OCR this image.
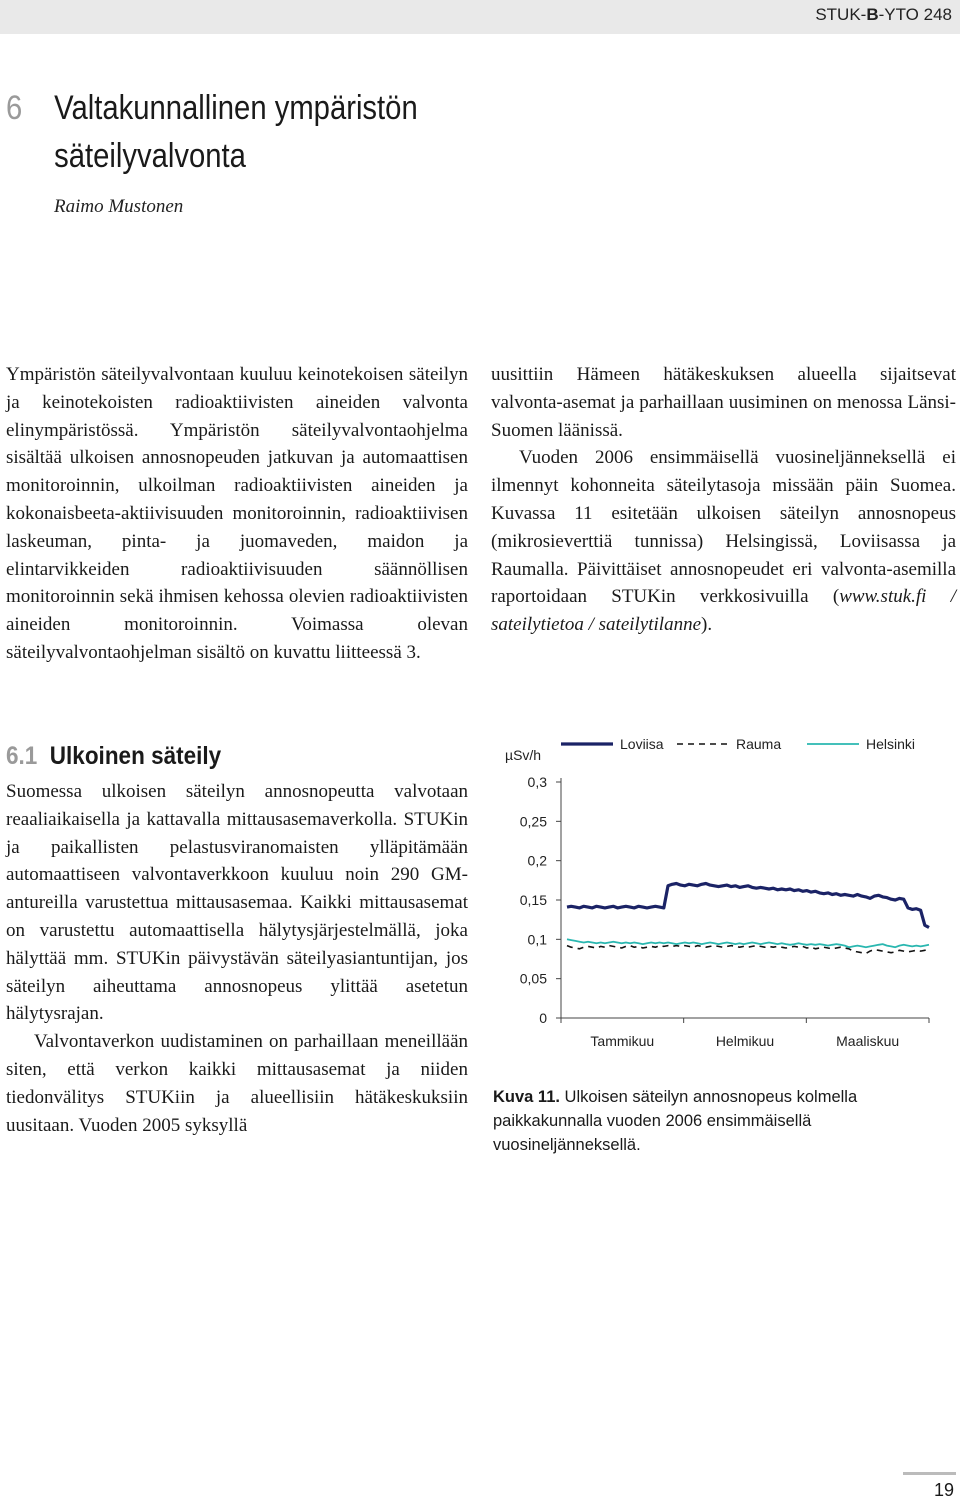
STUK-B-YTO 248
6 Valtakunnallinen ympäristön
säteilyvalvonta
Raimo Mustonen

Ympäristön säteilyvalvontaan kuuluu keinotekoisen säteilyn ja keinotekoisten radioaktiivisten aineiden valvonta elinympäristössä. Ympäristön säteilyvalvontaohjelma sisältää ulkoisen annosnopeuden jatkuvan ja automaattisen monitoroinnin, ulkoilman radioaktiivisten aineiden ja kokonaisbeeta-aktiivisuuden monitoroinnin, radioaktiivisen laskeuman, pinta- ja juomaveden, maidon ja elintarvikkeiden radioaktiivisuuden säännöllisen monitoroinnin sekä ihmisen kehossa olevien radioaktiivisten aineiden monitoroinnin. Voimassa olevan säteilyvalvontaohjelman sisältö on kuvattu liitteessä 3.

6.1 Ulkoinen säteily

Suomessa ulkoisen säteilyn annosnopeutta valvotaan reaaliaikaisella ja kattavalla mittausasemaverkolla. STUKin ja paikallisten pelastusviranomaisten ylläpitämään automaattiseen valvontaverkkoon kuuluu noin 290 GM-antureilla varustettua mittausasemaa. Kaikki mittausasemat on varustettu automaattisella hälytysjärjestelmällä, joka hälyttää mm. STUKin päivystävän säteilyasiantuntijan, jos säteilyn aiheuttama annosnopeus ylittää asetetun hälytysrajan.

Valvontaverkon uudistaminen on parhaillaan meneillään siten, että verkon kaikki mittausasemat ja niiden tiedonvälitys STUKiin ja alueellisiin hätäkeskuksiin uusitaan. Vuoden 2005 syksyllä

uusittiin Hämeen hätäkeskuksen alueella sijaitsevat valvonta-asemat ja parhaillaan uusiminen on menossa Länsi-Suomen läänissä.

Vuoden 2006 ensimmäisellä vuosineljänneksellä ei ilmennyt kohonneita säteilytasoja missään päin Suomea. Kuvassa 11 esitetään ulkoisen säteilyn annosnopeus (mikrosieverttiä tunnissa) Helsingissä, Loviisassa ja Raumalla. Päivittäiset annosnopeudet eri valvonta-asemilla raportoidaan STUKin verkkosivuilla (www.stuk.fi / sateilytietoa / sateilytilanne).

0
0,05
0,1
0,15
0,2
0,25
0,3
µSv/h
Tammikuu	Helmikuu	Maaliskuu
Loviisa	Rauma	Helsinki

Kuva 11. Ulkoisen säteilyn annosnopeus kolmella paikkakunnalla vuoden 2006 ensimmäisellä vuosineljänneksellä.

19
